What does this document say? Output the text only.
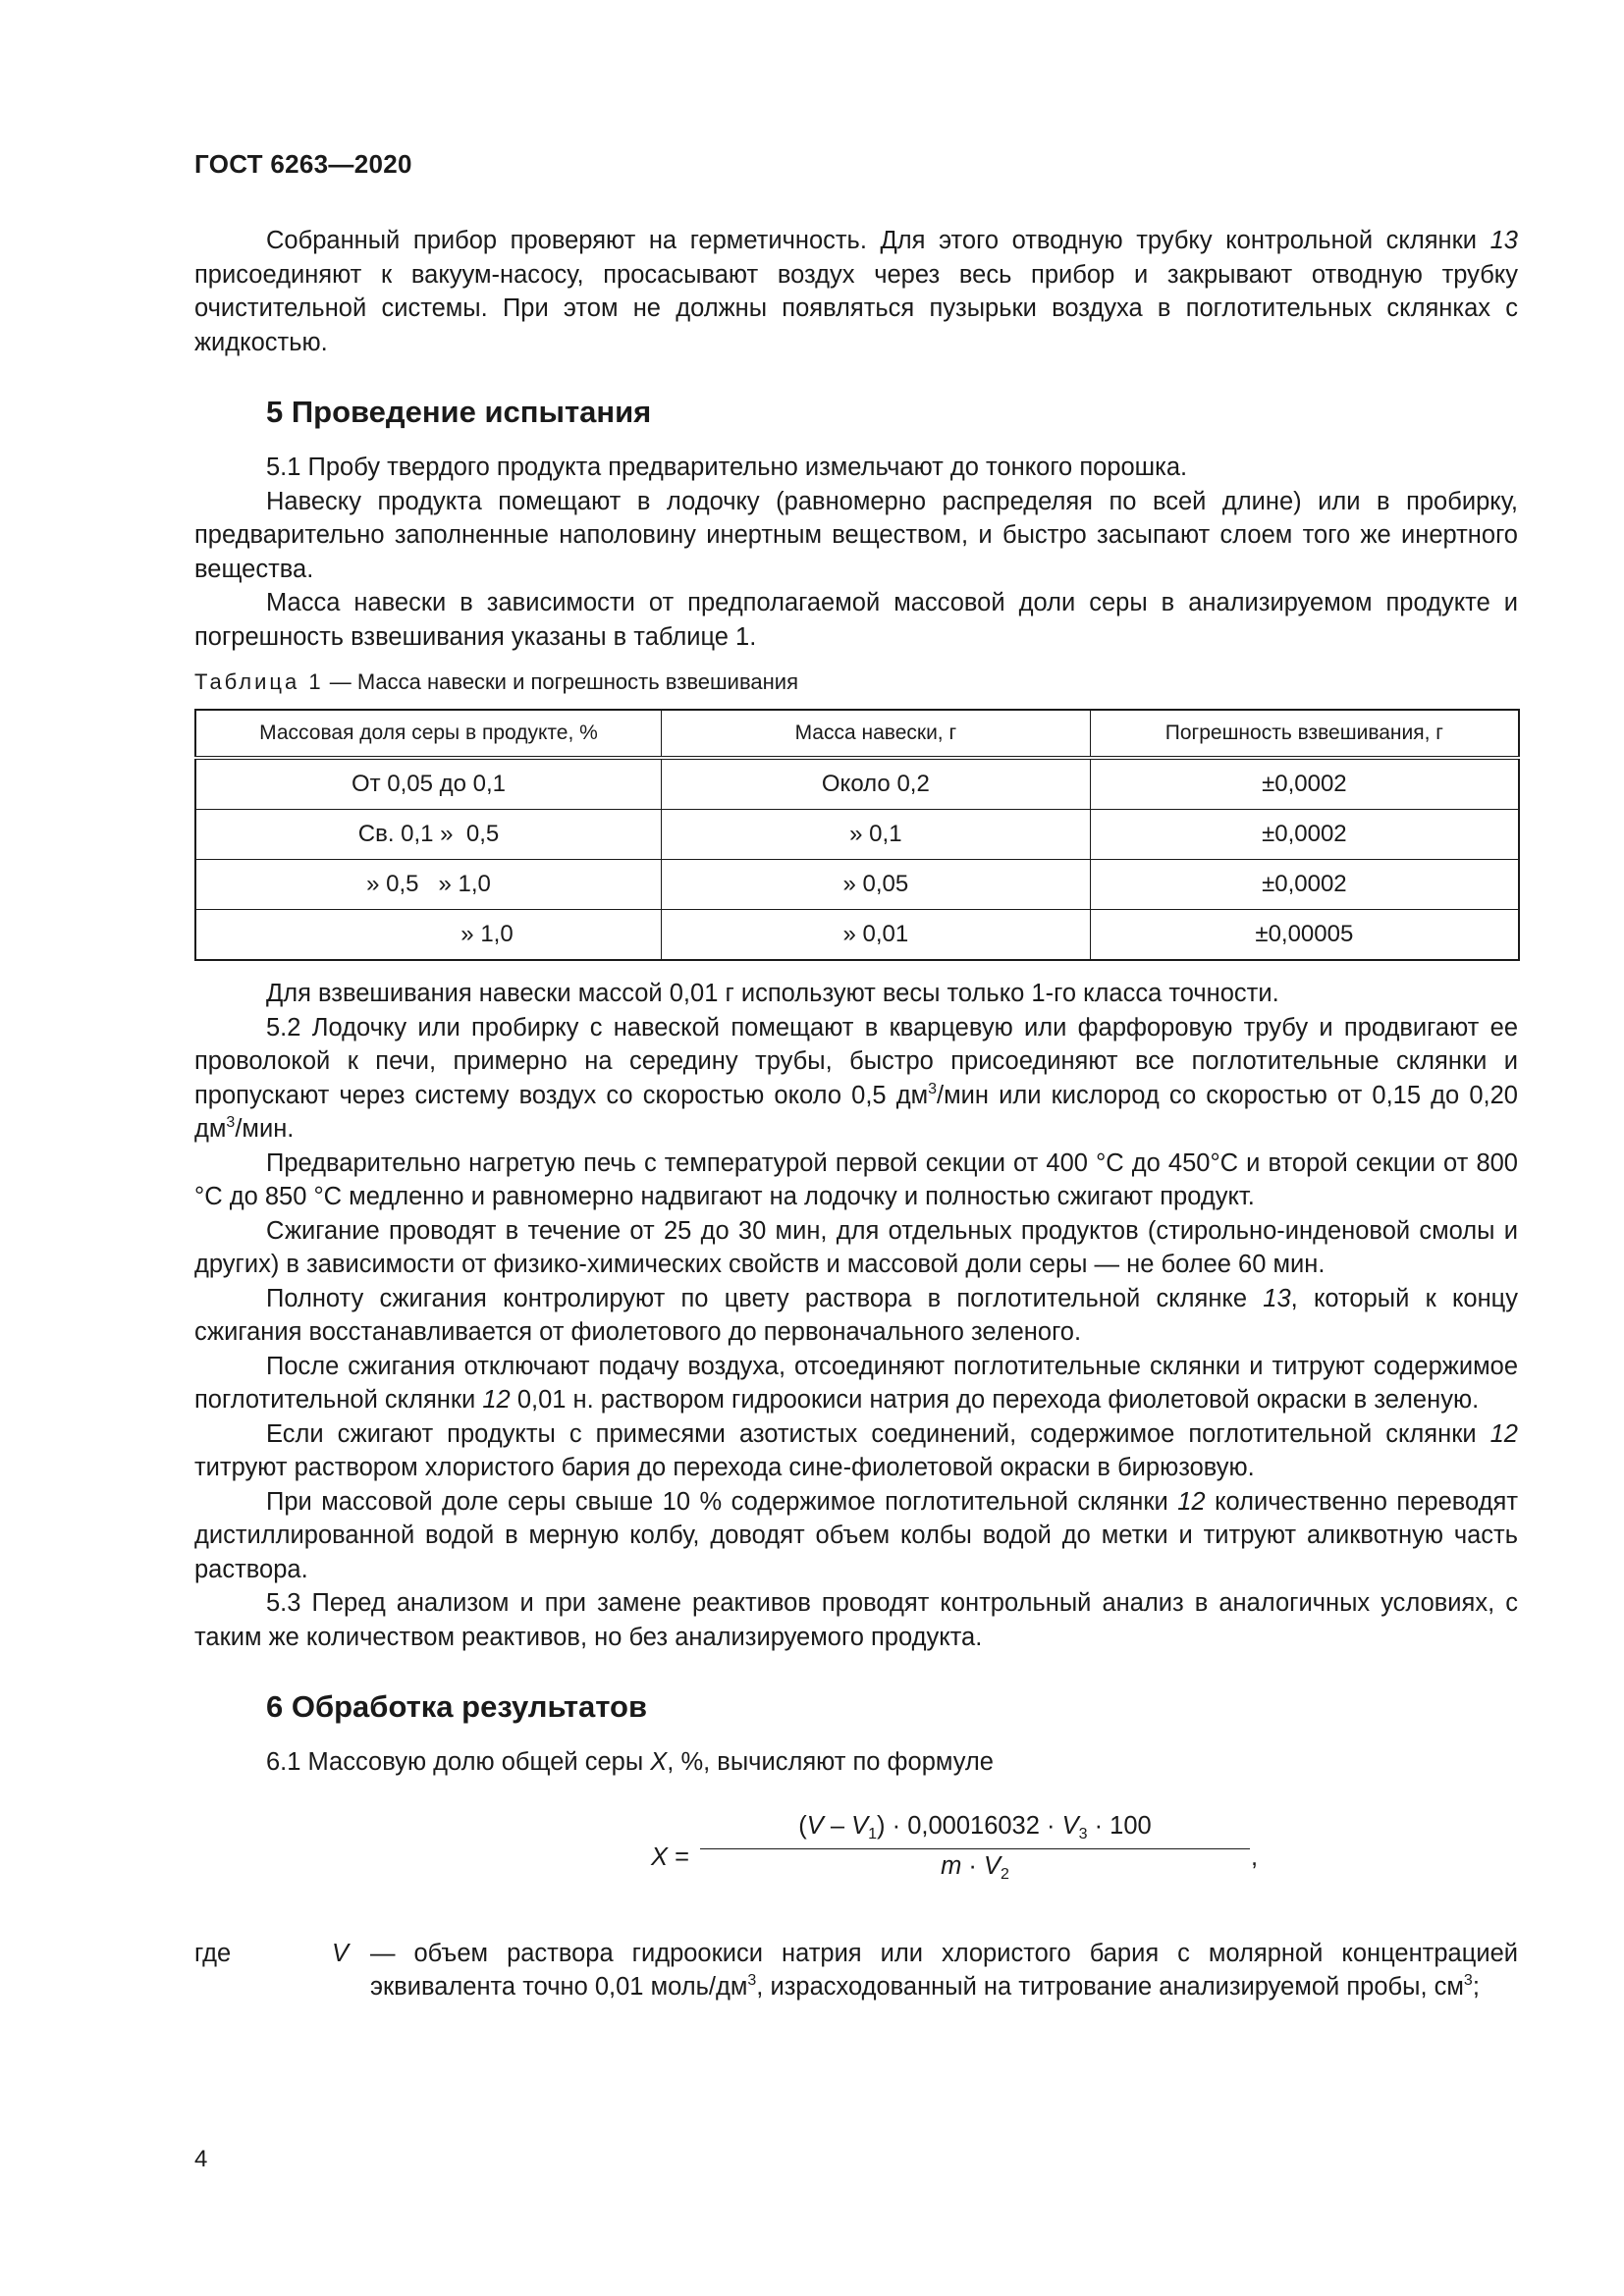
ГОСТ 6263—2020

Собранный прибор проверяют на герметичность. Для этого отводную трубку контрольной склянки 13 присоединяют к вакуум-насосу, просасывают воздух через весь прибор и закрывают отводную трубку очистительной системы. При этом не должны появляться пузырьки воздуха в поглотительных склянках с жидкостью.

5 Проведение испытания

5.1 Пробу твердого продукта предварительно измельчают до тонкого порошка.

Навеску продукта помещают в лодочку (равномерно распределяя по всей длине) или в пробирку, предварительно заполненные наполовину инертным веществом, и быстро засыпают слоем того же инертного вещества.

Масса навески в зависимости от предполагаемой массовой доли серы в анализируемом продукте и погрешность взвешивания указаны в таблице 1.

Таблица 1 — Масса навески и погрешность взвешивания
Массовая доля серы в продукте, %	Масса навески, г	Погрешность взвешивания, г
От 0,05 до 0,1	Около 0,2	±0,0002
Св. 0,1 »  0,5	» 0,1	±0,0002
» 0,5   » 1,0	» 0,05	±0,0002
» 1,0	» 0,01	±0,00005

Для взвешивания навески массой 0,01 г используют весы только 1-го класса точности.

5.2 Лодочку или пробирку с навеской помещают в кварцевую или фарфоровую трубу и продвигают ее проволокой к печи, примерно на середину трубы, быстро присоединяют все поглотительные склянки и пропускают через систему воздух со скоростью около 0,5 $дм^3$/мин или кислород со скоростью от 0,15 до 0,20 $дм^3$/мин.

Предварительно нагретую печь с температурой первой секции от 400 °С до 450°С и второй секции от 800 °С до 850 °С медленно и равномерно надвигают на лодочку и полностью сжигают продукт.

Сжигание проводят в течение от 25 до 30 мин, для отдельных продуктов (стирольно-инденовой смолы и других) в зависимости от физико-химических свойств и массовой доли серы — не более 60 мин.

Полноту сжигания контролируют по цвету раствора в поглотительной склянке 13, который к концу сжигания восстанавливается от фиолетового до первоначального зеленого.

После сжигания отключают подачу воздуха, отсоединяют поглотительные склянки и титруют содержимое поглотительной склянки 12 0,01 н. раствором гидроокиси натрия до перехода фиолетовой окраски в зеленую.

Если сжигают продукты с примесями азотистых соединений, содержимое поглотительной склянки 12 титруют раствором хлористого бария до перехода сине-фиолетовой окраски в бирюзовую.

При массовой доле серы свыше 10 % содержимое поглотительной склянки 12 количественно переводят дистиллированной водой в мерную колбу, доводят объем колбы водой до метки и титруют аликвотную часть раствора.

5.3 Перед анализом и при замене реактивов проводят контрольный анализ в аналогичных условиях, с таким же количеством реактивов, но без анализируемого продукта.

6 Обработка результатов

6.1 Массовую долю общей серы X, %, вычисляют по формуле

X =
$(V - V_1) \cdot 0,00016032 \cdot V_3 \cdot 100$
$m \cdot V_2$
,
где	V — объем раствора гидроокиси натрия или хлористого бария с молярной концентрацией эквивалента точно 0,01 моль/$дм^3$, израсходованный на титрование анализируемой пробы, $см^3$;
4
